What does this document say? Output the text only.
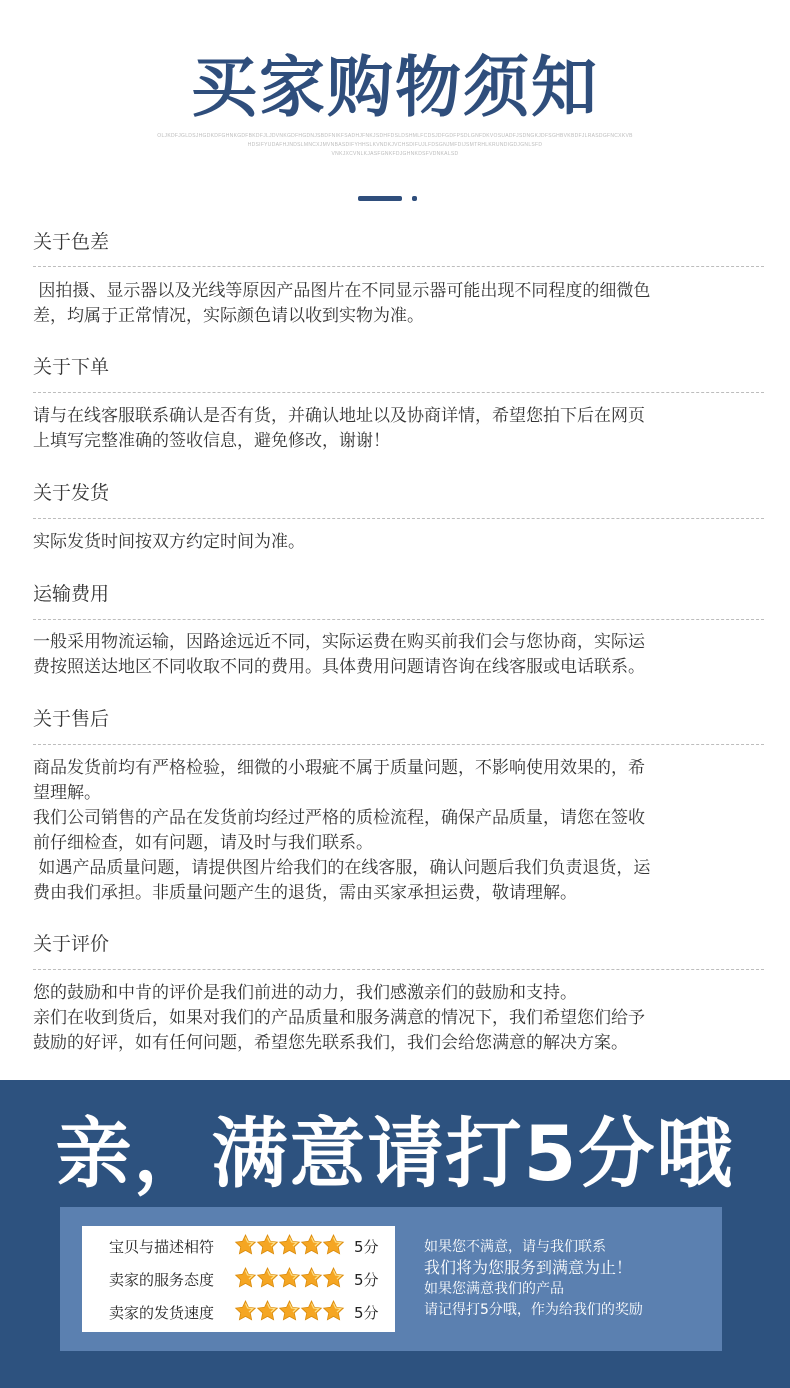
买家购物须知
OLJKDFJGLDSJHGDKDFGHNKGDFBKDFJLJDVNKGDFHGDNJSBDFNIKFSADHJFNKJSDHFDSLDSHMLFCDSJDFGDFPSDLGNFDKVOSUADFJSDNGKJDFSGHBVKBDFJLRASDGFNCXKVB
HDSIFYUDAFHJNDSLMNCXJMVNBASDIFYHHSLKVNDKJVCHSDIFUJLFDSGNJMFDIJSMTRHLKRUNDIGDJGNLSFD
VNKJXCVNLKJASFGNKFDJGHNKDSFVDNKALSD
关于色差
因拍摄、显示器以及光线等原因产品图片在不同显示器可能出现不同程度的细微色
差，均属于正常情况，实际颜色请以收到实物为准。
关于下单
请与在线客服联系确认是否有货，并确认地址以及协商详情，希望您拍下后在网页
上填写完整准确的签收信息，避免修改，谢谢！
关于发货
实际发货时间按双方约定时间为准。
运输费用
一般采用物流运输，因路途远近不同，实际运费在购买前我们会与您协商，实际运
费按照送达地区不同收取不同的费用。具体费用问题请咨询在线客服或电话联系。
关于售后
商品发货前均有严格检验，细微的小瑕疵不属于质量问题，不影响使用效果的，希
望理解。
我们公司销售的产品在发货前均经过严格的质检流程，确保产品质量，请您在签收
前仔细检查，如有问题，请及时与我们联系。
如遇产品质量问题，请提供图片给我们的在线客服，确认问题后我们负责退货，运
费由我们承担。非质量问题产生的退货，需由买家承担运费，敬请理解。
关于评价
您的鼓励和中肯的评价是我们前进的动力，我们感激亲们的鼓励和支持。
亲们在收到货后，如果对我们的产品质量和服务满意的情况下，我们希望您们给予
鼓励的好评，如有任何问题，希望您先联系我们，我们会给您满意的解决方案。
亲，满意请打5分哦
宝贝与描述相符	5分
卖家的服务态度	5分
卖家的发货速度	5分
如果您不满意，请与我们联系
我们将为您服务到满意为止！
如果您满意我们的产品
请记得打5分哦，作为给我们的奖励
